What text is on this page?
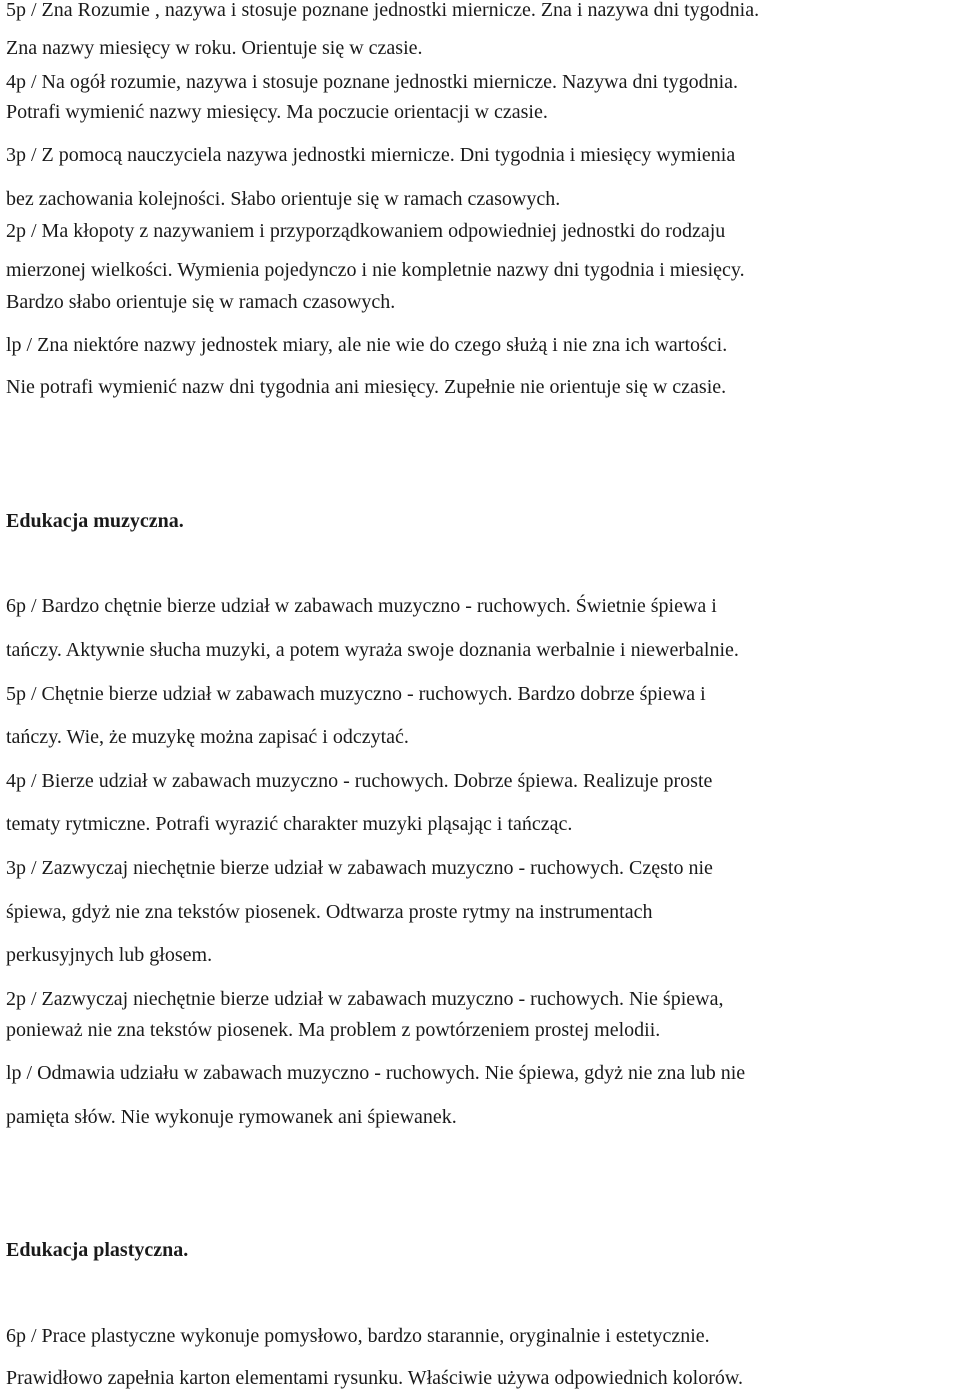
5p / Zna Rozumie , nazywa i stosuje poznane jednostki miernicze. Zna i nazywa dni tygodnia.
Zna nazwy miesięcy w roku. Orientuje się w czasie.
4p / Na ogół rozumie, nazywa i stosuje poznane jednostki miernicze. Nazywa dni tygodnia.
Potrafi wymienić nazwy miesięcy. Ma poczucie orientacji w czasie.
3p / Z pomocą nauczyciela nazywa jednostki miernicze. Dni tygodnia i miesięcy wymienia
bez zachowania kolejności. Słabo orientuje się w ramach czasowych.
2p / Ma kłopoty z nazywaniem i przyporządkowaniem odpowiedniej jednostki do rodzaju
mierzonej wielkości. Wymienia pojedynczo i nie kompletnie nazwy dni tygodnia i miesięcy.
Bardzo słabo orientuje się w ramach czasowych.
lp / Zna niektóre nazwy jednostek miary, ale nie wie do czego służą i nie zna ich wartości.
Nie potrafi wymienić nazw dni tygodnia ani miesięcy. Zupełnie nie orientuje się w czasie.
Edukacja muzyczna.
6p / Bardzo chętnie bierze udział w zabawach muzyczno - ruchowych. Świetnie śpiewa i
tańczy. Aktywnie słucha muzyki, a potem wyraża swoje doznania werbalnie i niewerbalnie.
5p / Chętnie bierze udział w zabawach muzyczno - ruchowych. Bardzo dobrze śpiewa i
tańczy. Wie, że muzykę można zapisać i odczytać.
4p / Bierze udział w zabawach muzyczno - ruchowych. Dobrze śpiewa. Realizuje proste
tematy rytmiczne. Potrafi wyrazić charakter muzyki pląsając i tańcząc.
3p / Zazwyczaj niechętnie bierze udział w zabawach muzyczno - ruchowych. Często nie
śpiewa, gdyż nie zna tekstów piosenek. Odtwarza proste rytmy na instrumentach
perkusyjnych lub głosem.
2p / Zazwyczaj niechętnie bierze udział w zabawach muzyczno - ruchowych. Nie śpiewa,
ponieważ nie zna tekstów piosenek. Ma problem z powtórzeniem prostej melodii.
lp / Odmawia udziału w zabawach muzyczno - ruchowych. Nie śpiewa, gdyż nie zna lub nie
pamięta słów. Nie wykonuje rymowanek ani śpiewanek.
Edukacja plastyczna.
6p / Prace plastyczne wykonuje pomysłowo, bardzo starannie, oryginalnie i estetycznie.
Prawidłowo zapełnia karton elementami rysunku. Właściwie używa odpowiednich kolorów.
